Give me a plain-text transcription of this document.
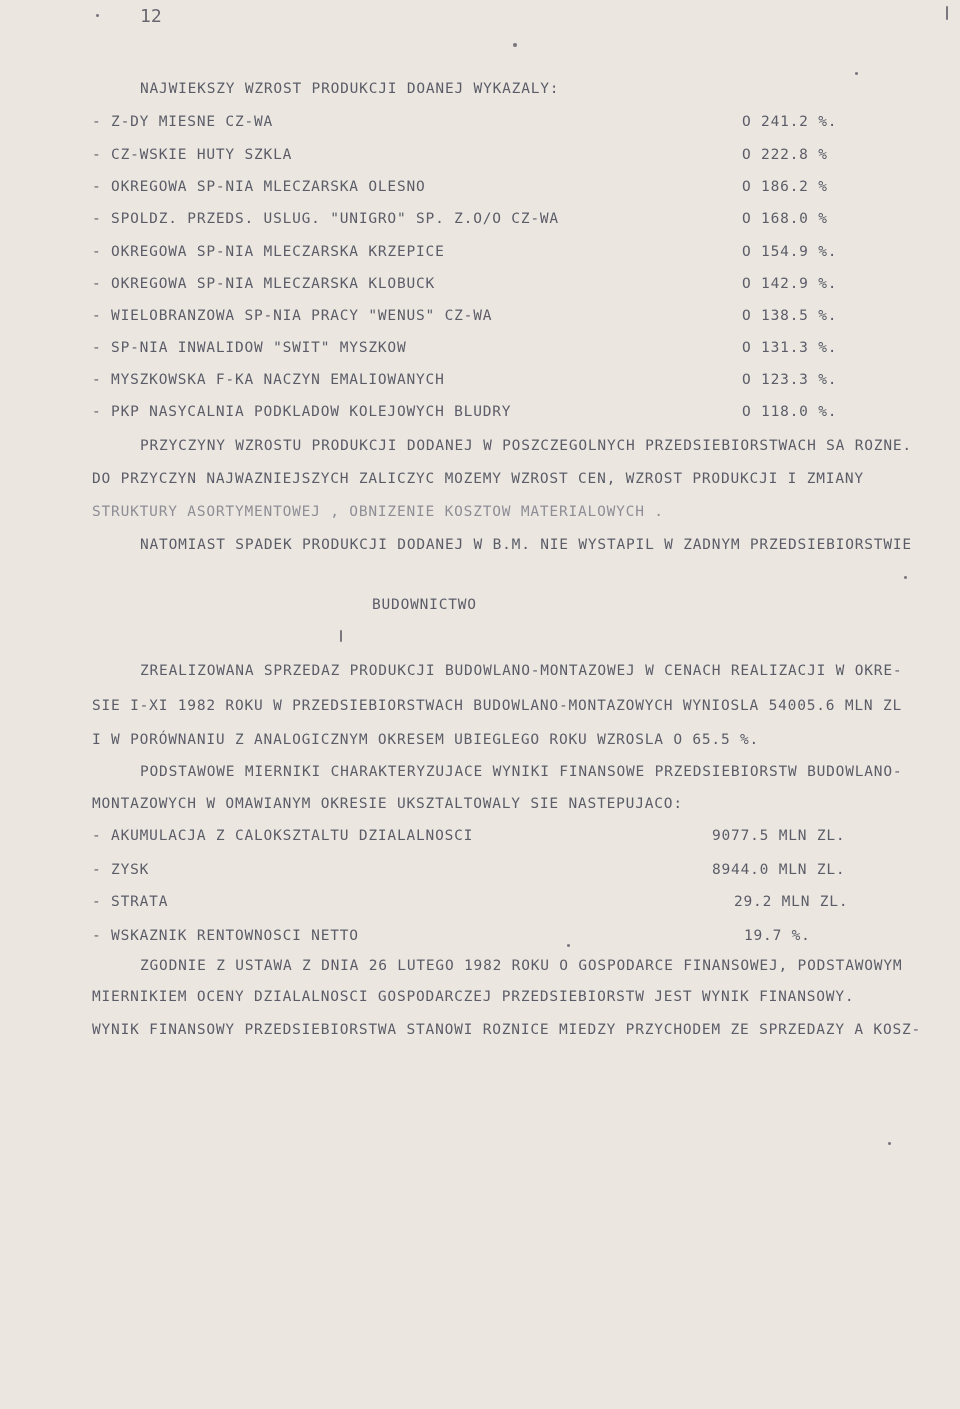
12
NAJWIEKSZY WZROST PRODUKCJI DOANEJ WYKAZALY:
- Z-DY MIESNE CZ-WA	O 241.2 %.
- CZ-WSKIE HUTY SZKLA	O 222.8 %
- OKREGOWA SP-NIA MLECZARSKA OLESNO	O 186.2 %
- SPOLDZ. PRZEDS. USLUG. "UNIGRO" SP. Z.O/O CZ-WA	O 168.0 %
- OKREGOWA SP-NIA MLECZARSKA KRZEPICE	O 154.9 %.
- OKREGOWA SP-NIA MLECZARSKA KLOBUCK	O 142.9 %.
- WIELOBRANZOWA SP-NIA PRACY "WENUS" CZ-WA	O 138.5 %.
- SP-NIA INWALIDOW "SWIT" MYSZKOW	O 131.3 %.
- MYSZKOWSKA F-KA NACZYN EMALIOWANYCH	O 123.3 %.
- PKP NASYCALNIA PODKLADOW KOLEJOWYCH BLUDRY	O 118.0 %.
PRZYCZYNY WZROSTU PRODUKCJI DODANEJ W POSZCZEGOLNYCH PRZEDSIEBIORSTWACH SA ROZNE.
DO PRZYCZYN NAJWAZNIEJSZYCH ZALICZYC MOZEMY WZROST CEN, WZROST PRODUKCJI I ZMIANY
STRUKTURY ASORTYMENTOWEJ , OBNIZENIE KOSZTOW MATERIALOWYCH .
NATOMIAST SPADEK PRODUKCJI DODANEJ W B.M. NIE WYSTAPIL W ZADNYM PRZEDSIEBIORSTWIE
BUDOWNICTWO
ZREALIZOWANA SPRZEDAZ PRODUKCJI BUDOWLANO-MONTAZOWEJ W CENACH REALIZACJI W OKRE-
SIE I-XI 1982 ROKU W PRZEDSIEBIORSTWACH BUDOWLANO-MONTAZOWYCH WYNIOSLA 54005.6 MLN ZL
I W PORÓWNANIU Z ANALOGICZNYM OKRESEM UBIEGLEGO ROKU WZROSLA O 65.5 %.
PODSTAWOWE MIERNIKI CHARAKTERYZUJACE WYNIKI FINANSOWE PRZEDSIEBIORSTW BUDOWLANO-
MONTAZOWYCH W OMAWIANYM OKRESIE UKSZTALTOWALY SIE NASTEPUJACO:
- AKUMULACJA Z CALOKSZTALTU DZIALALNOSCI	9077.5 MLN ZL.
- ZYSK	8944.0 MLN ZL.
- STRATA	29.2 MLN ZL.
- WSKAZNIK RENTOWNOSCI NETTO	19.7 %.
ZGODNIE Z USTAWA Z DNIA 26 LUTEGO 1982 ROKU O GOSPODARCE FINANSOWEJ, PODSTAWOWYM
MIERNIKIEM OCENY DZIALALNOSCI GOSPODARCZEJ PRZEDSIEBIORSTW JEST WYNIK FINANSOWY.
WYNIK FINANSOWY PRZEDSIEBIORSTWA STANOWI ROZNICE MIEDZY PRZYCHODEM ZE SPRZEDAZY A KOSZ-
